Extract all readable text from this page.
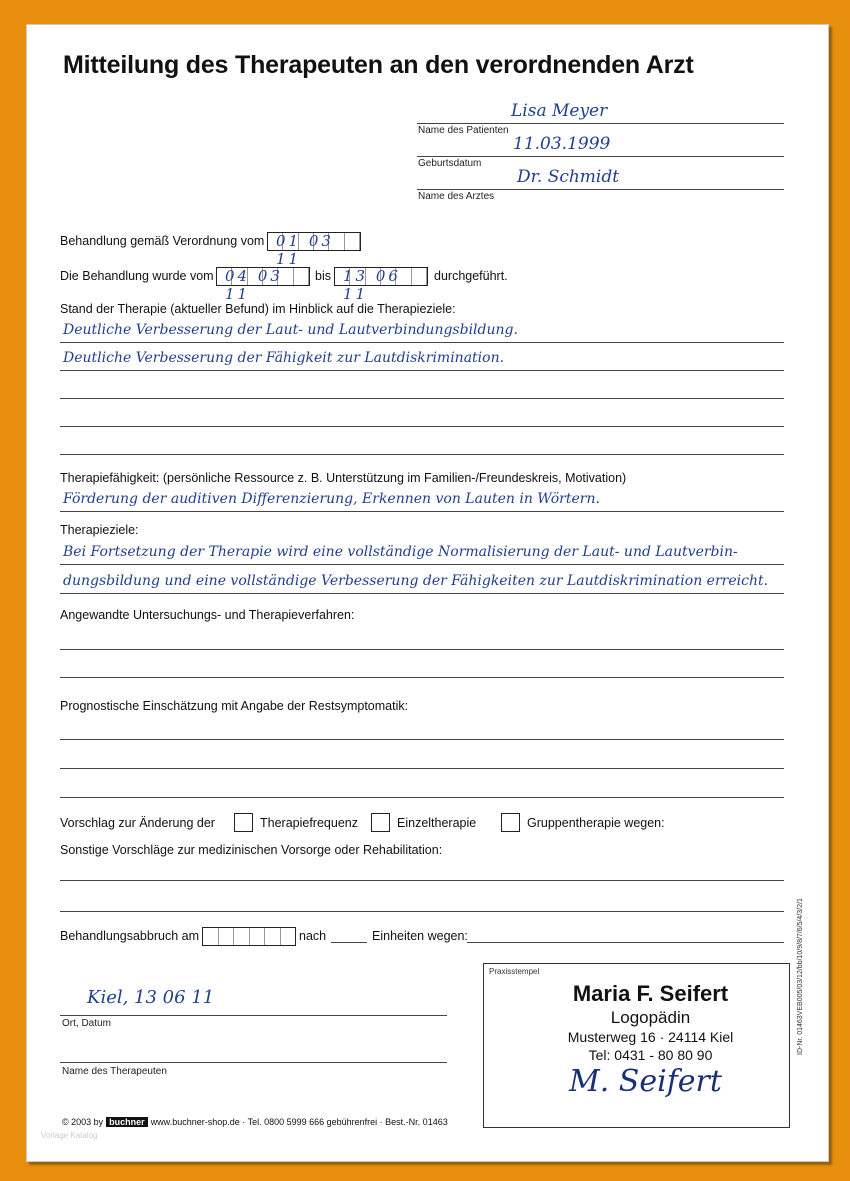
Mitteilung des Therapeuten an den verordnenden Arzt
Lisa Meyer
Name des Patienten
11.03.1999
Geburtsdatum
Dr. Schmidt
Name des Arztes
Behandlung gemäß Verordnung vom 01 03 11
Die Behandlung wurde vom 04 03 11
bis 13 06 11
durchgeführt.
Stand der Therapie (aktueller Befund) im Hinblick auf die Therapieziele:
Deutliche Verbesserung der Laut- und Lautverbindungsbildung.
Deutliche Verbesserung der Fähigkeit zur Lautdiskrimination.
Therapiefähigkeit: (persönliche Ressource z. B. Unterstützung im Familien-/Freundeskreis, Motivation)
Förderung der auditiven Differenzierung, Erkennen von Lauten in Wörtern.
Therapieziele:
Bei Fortsetzung der Therapie wird eine vollständige Normalisierung der Laut- und Lautverbin-
dungsbildung und eine vollständige Verbesserung der Fähigkeiten zur Lautdiskrimination erreicht.
Angewandte Untersuchungs- und Therapieverfahren:
Prognostische Einschätzung mit Angabe der Restsymptomatik:
Vorschlag zur Änderung der	Therapiefrequenz	Einzeltherapie	Gruppentherapie wegen:
Sonstige Vorschläge zur medizinischen Vorsorge oder Rehabilitation:
Behandlungsabbruch am	nach	Einheiten wegen:
Kiel, 13 06 11
Ort, Datum
Name des Therapeuten
Praxisstempel
Maria F. Seifert
Logopädin
Musterweg 16 · 24114 Kiel
Tel: 0431 - 80 80 90
M. Seifert
© 2003 by buchner www.buchner-shop.de · Tel. 0800 5999 666 gebührenfrei · Best.-Nr. 01463
Vorlage Katalog
ID-Nr. 01463VEB005/03/12/bb/10/9/8/7/6/5/4/3/2/1
